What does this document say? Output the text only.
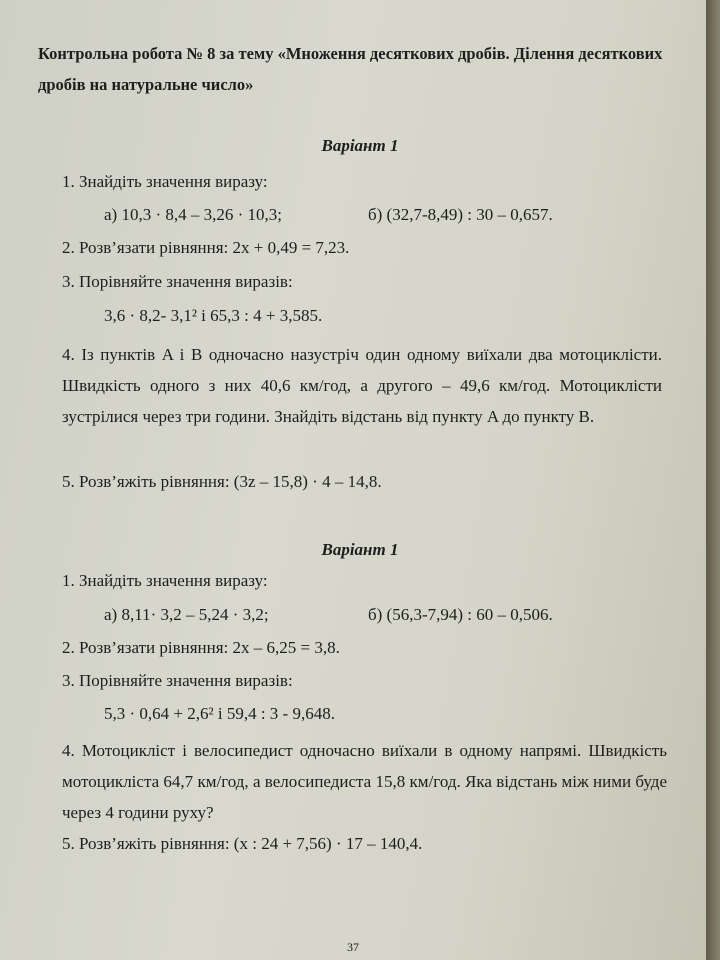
Контрольна робота № 8 за тему «Множення десяткових дробів. Ділення десяткових дробів на натуральне число»
Варіант 1
1. Знайдіть значення виразу:
а) 10,3 · 8,4 – 3,26 · 10,3;	б) (32,7-8,49) : 30 – 0,657.
2. Розв’язати рівняння: 2x + 0,49 = 7,23.
3. Порівняйте значення виразів:
3,6 · 8,2- 3,1² і 65,3 : 4 + 3,585.
4. Із пунктів A і B одночасно назустріч один одному виїхали два мотоциклісти. Швидкість одного з них 40,6 км/год, а другого – 49,6 км/год. Мотоциклісти зустрілися через три години. Знайдіть відстань від пункту A до пункту B.
5. Розв’яжіть рівняння: (3z – 15,8) · 4 – 14,8.
Варіант 1
1. Знайдіть значення виразу:
а) 8,11· 3,2 – 5,24 · 3,2;	б) (56,3-7,94) : 60 – 0,506.
2. Розв’язати рівняння: 2x – 6,25 = 3,8.
3. Порівняйте значення виразів:
5,3 · 0,64 + 2,6² і 59,4 : 3 - 9,648.
4. Мотоциклiст і велосипедист одночасно виїхали в одному напрямі. Швидкість мотоцикліста 64,7 км/год, а велосипедиста 15,8 км/год. Яка відстань між ними буде через 4 години руху?
5. Розв’яжіть рівняння: (x : 24 + 7,56) · 17 – 140,4.
37
